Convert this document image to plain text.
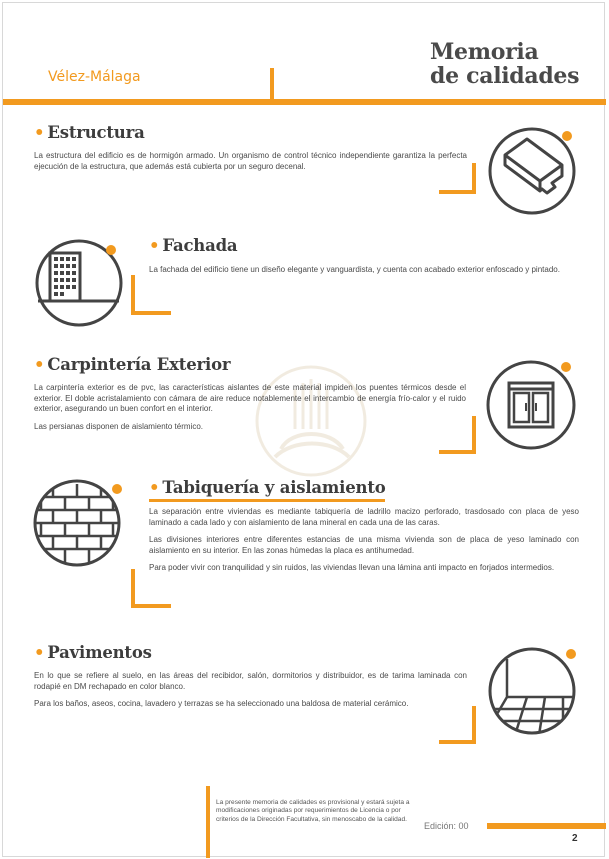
Vélez-Málaga
Memoria
de calidades
• Estructura

La estructura del edificio es de hormigón armado. Un organismo de control técnico independiente garantiza la perfecta ejecución de la estructura, que además está cubierta por un seguro decenal.

• Fachada

La fachada del edificio tiene un diseño elegante y vanguardista, y cuenta con acabado exterior enfoscado y pintado.

• Carpintería Exterior

La carpintería exterior es de pvc, las características aislantes de este material impiden los puentes térmicos desde el exterior. El doble acristalamiento con cámara de aire reduce notablemente el intercambio de energía frío-calor y el ruido exterior, asegurando un buen confort en el interior.

Las persianas disponen de aislamiento térmico.

• Tabiquería y aislamiento

La separación entre viviendas es mediante tabiquería de ladrillo macizo perforado, trasdosado con placa de yeso laminado a cada lado y con aislamiento de lana mineral en cada una de las caras.

Las divisiones interiores entre diferentes estancias de una misma vivienda son de placa de yeso laminado con aislamiento en su interior. En las zonas húmedas la placa es antihumedad.

Para poder vivir con tranquilidad y sin ruidos, las viviendas llevan una lámina anti impacto en forjados intermedios.

• Pavimentos

En lo que se refiere al suelo, en las áreas del recibidor, salón, dormitorios y distribuidor, es de tarima laminada con rodapié en DM rechapado en color blanco.

Para los baños, aseos, cocina, lavadero y terrazas se ha seleccionado una baldosa de material cerámico.

La presente memoria de calidades es provisional y estará sujeta a modificaciones originadas por requerimientos de Licencia o por criterios de la Dirección Facultativa, sin menoscabo de la calidad.
Edición: 00
2
